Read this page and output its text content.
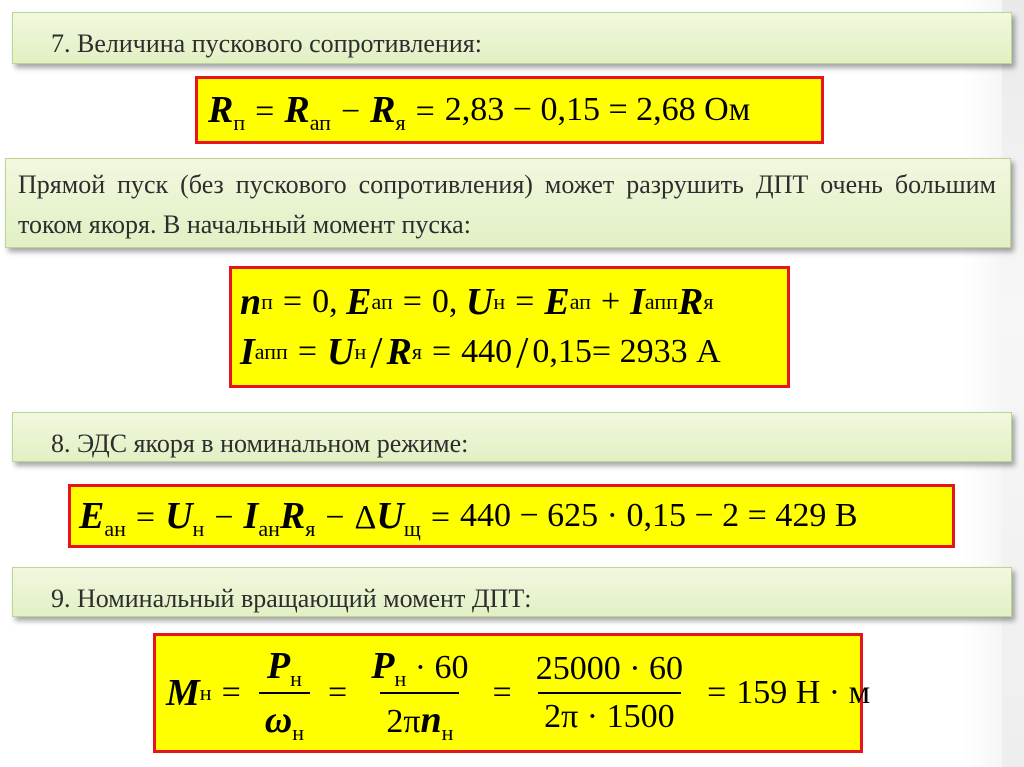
7. Величина пускового сопротивления:
$R_п = R_{ап} - R_я = 2,83 - 0,15 = 2,68$ Ом
Прямой пуск (без пускового сопротивления) может разрушить ДПТ очень большим током якоря. В начальный момент пуска:
n п = 0,
E ап = 0,
U н = E ап + I апп R я
I апп = U н / R я = 440 / 0,15= 2933 А
8. ЭДС якоря в номинальном режиме:
$E_{ан} = U_н - I_{ан}R_я - \Delta U_щ = 440 - 625 \cdot 0,15 - 2 = 429$ В
9. Номинальный вращающий момент ДПТ:
M $н = \frac{P_н}{\omega_н} = \frac{P_н \cdot 60}{2\pi n_н} = \frac{25000 \cdot 60}{2\pi \cdot 1500} = 159$ Н · м
